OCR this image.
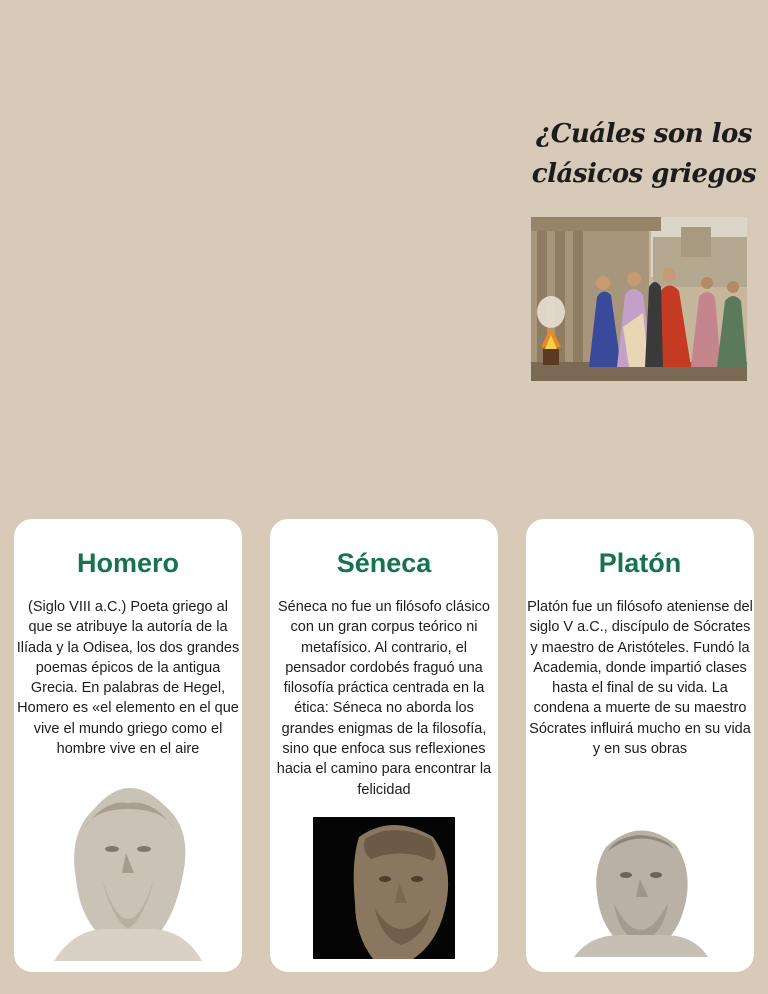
¿Cuáles son los clásicos griegos
Homero
(Siglo VIII a.C.) Poeta griego al que se atribuye la autoría de la Ilíada y la Odisea, los dos grandes poemas épicos de la antigua Grecia. En palabras de Hegel, Homero es «el elemento en el que vive el mundo griego como el hombre vive en el aire
Séneca
Séneca no fue un filósofo clásico con un gran corpus teórico ni metafísico. Al contrario, el pensador cordobés fraguó una filosofía práctica centrada en la ética: Séneca no aborda los grandes enigmas de la filosofía, sino que enfoca sus reflexiones hacia el camino para encontrar la felicidad
Platón
Platón fue un filósofo ateniense del siglo V a.C., discípulo de Sócrates y maestro de Aristóteles. Fundó la Academia, donde impartió clases hasta el final de su vida. La condena a muerte de su maestro Sócrates influirá mucho en su vida y en sus obras
